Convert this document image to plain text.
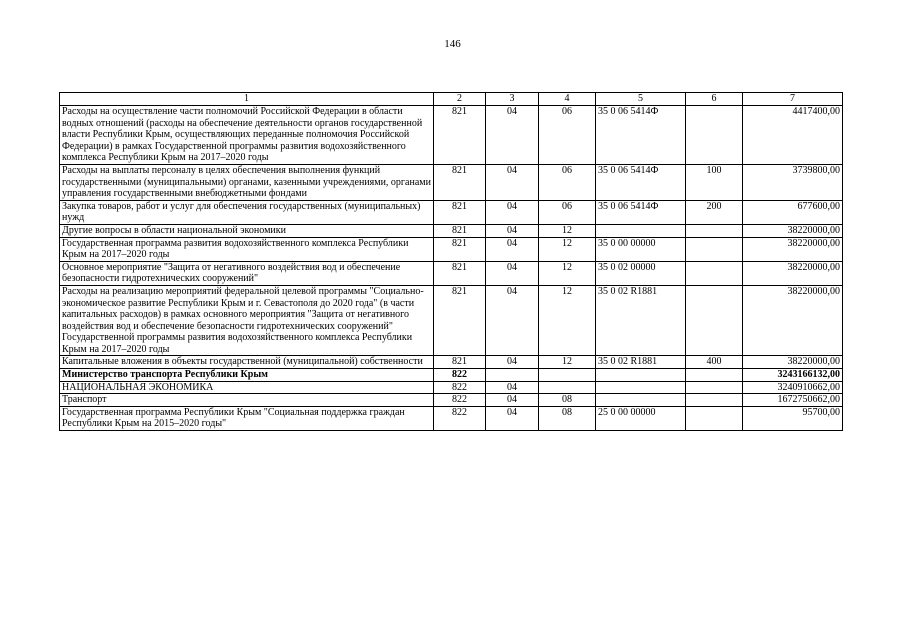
146
1	2	3	4	5	6	7
Расходы на осуществление части полномочий Российской Федерации в области водных отношений (расходы на обеспечение деятельности органов государственной власти Республики Крым, осуществляющих переданные полномочия Российской Федерации) в рамках Государственной программы развития водохозяйственного комплекса Республики Крым на 2017–2020 годы	821	04	06	35 0 06 5414Ф		4417400,00
Расходы на выплаты персоналу в целях обеспечения выполнения функций государственными (муниципальными) органами, казенными учреждениями, органами управления государственными внебюджетными фондами	821	04	06	35 0 06 5414Ф	100	3739800,00
Закупка товаров, работ и услуг для обеспечения государственных (муниципальных) нужд	821	04	06	35 0 06 5414Ф	200	677600,00
Другие вопросы в области национальной экономики	821	04	12			38220000,00
Государственная программа развития водохозяйственного комплекса Республики Крым на 2017–2020 годы	821	04	12	35 0 00 00000		38220000,00
Основное мероприятие "Защита от негативного воздействия вод и обеспечение безопасности гидротехнических сооружений"	821	04	12	35 0 02 00000		38220000,00
Расходы на реализацию мероприятий федеральной целевой программы "Социально-экономическое развитие Республики Крым и г. Севастополя до 2020 года" (в части капитальных расходов) в рамках основного мероприятия "Защита от негативного воздействия вод и обеспечение безопасности гидротехнических сооружений" Государственной программы развития водохозяйственного комплекса Республики Крым на 2017–2020 годы	821	04	12	35 0 02 R1881		38220000,00
Капитальные вложения в объекты государственной (муниципальной) собственности	821	04	12	35 0 02 R1881	400	38220000,00
Министерство транспорта Республики Крым	822					3243166132,00
НАЦИОНАЛЬНАЯ ЭКОНОМИКА	822	04				3240910662,00
Транспорт	822	04	08			1672750662,00
Государственная программа Республики Крым "Социальная поддержка граждан Республики Крым на 2015–2020 годы"	822	04	08	25 0 00 00000		95700,00
